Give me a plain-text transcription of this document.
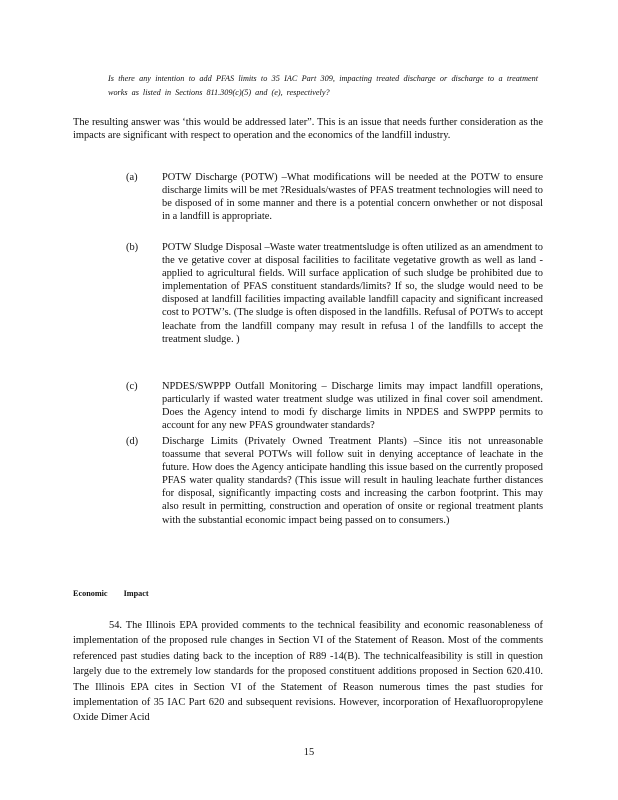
Is there any intention to add PFAS limits to 35 IAC Part 309, impacting treated discharge or discharge to a treatment works as listed in Sections 811.309(c)(5) and (e), respectively?
The resulting answer was ‘this would be addressed later”. This is an issue that needs further consideration as the impacts are significant with respect to operation and the economics of the landfill industry.
(a)	POTW Discharge (POTW) –What modifications will be needed at the POTW to ensure discharge limits will be met ?Residuals/wastes of PFAS treatment technologies will need to be disposed of in some manner and there is a potential concern onwhether or not disposal in a landfill is appropriate.
(b)	POTW Sludge Disposal –Waste water treatmentsludge is often utilized as an amendment to the ve getative cover at disposal facilities to facilitate vegetative growth as well as land - applied to agricultural fields. Will surface application of such sludge be prohibited due to implementation of PFAS constituent standards/limits? If so, the sludge would need to be disposed at landfill facilities impacting available landfill capacity and significant increased cost to POTW’s. (The sludge is often disposed in the landfills. Refusal of POTWs to accept leachate from the landfill company may result in refusa l of the landfills to accept the treatment sludge. )
(c)	NPDES/SWPPP Outfall Monitoring – Discharge limits may impact landfill operations, particularly if wasted water treatment sludge was utilized in final cover soil amendment. Does the Agency intend to modi fy discharge limits in NPDES and SWPPP permits to account for any new PFAS groundwater standards?
(d)	Discharge Limits (Privately Owned Treatment Plants) –Since itis not unreasonable toassume that several POTWs will follow suit in denying acceptance of leachate in the future. How does the Agency anticipate handling this issue based on the currently proposed PFAS water quality standards? (This issue will result in hauling leachate further distances for disposal, significantly impacting costs and increasing the carbon footprint. This may also result in permitting, construction and operation of onsite or regional treatment plants with the substantial economic impact being passed on to consumers.)
Economic Impact
54. The Illinois EPA provided comments to the technical feasibility and economic reasonableness of implementation of the proposed rule changes in Section VI of the Statement of Reason. Most of the comments referenced past studies dating back to the inception of R89 -14(B). The technicalfeasibility is still in question largely due to the extremely low standards for the proposed constituent additions proposed in Section 620.410. The Illinois EPA cites in Section VI of the Statement of Reason numerous times the past studies for implementation of 35 IAC Part 620 and subsequent revisions. However, incorporation of Hexafluoropropylene Oxide Dimer Acid
15
